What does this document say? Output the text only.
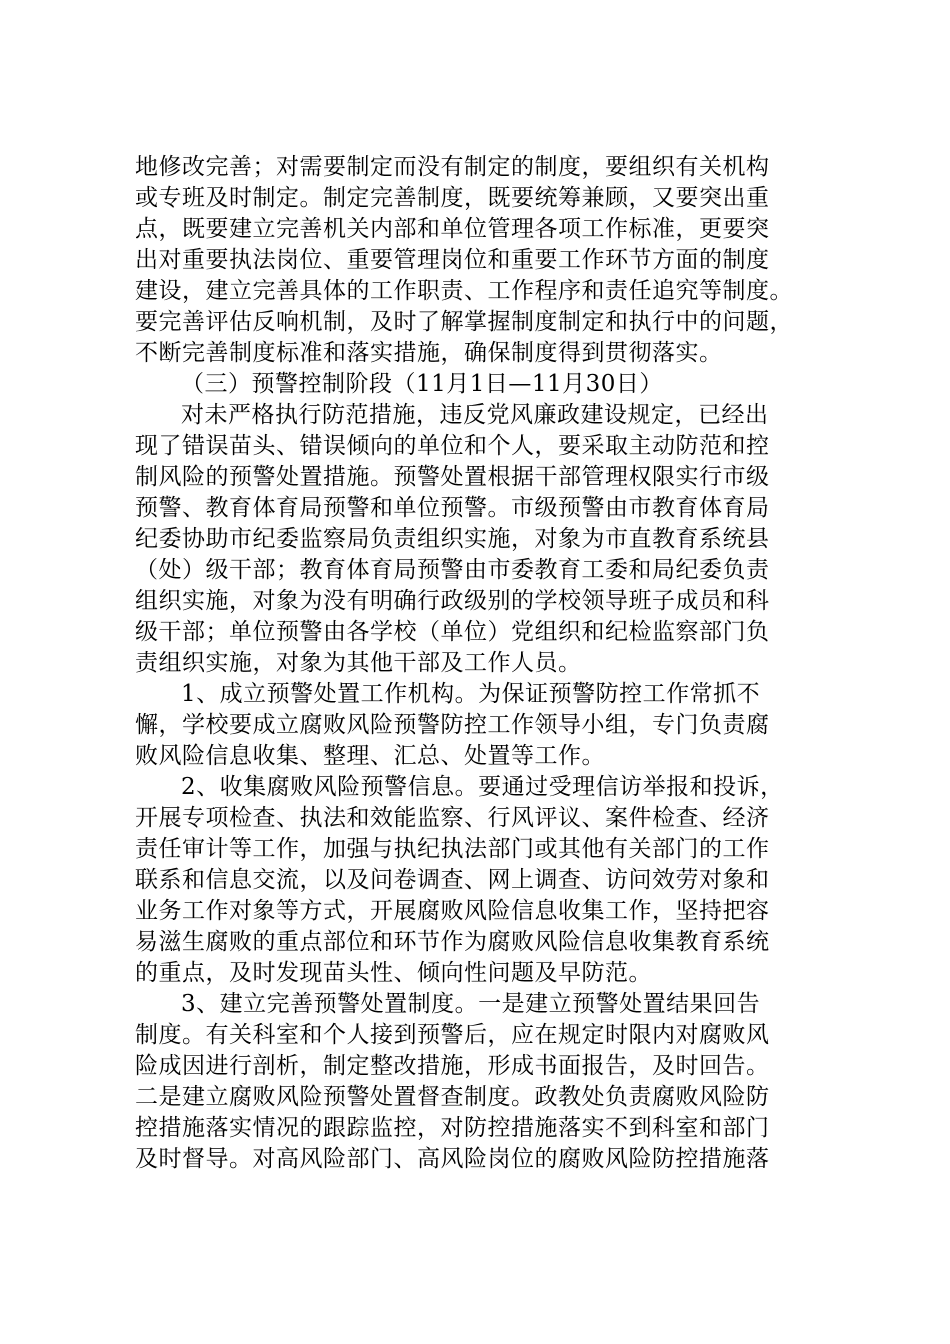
地修改完善；对需要制定而没有制定的制度，要组织有关机构
或专班及时制定。制定完善制度，既要统筹兼顾，又要突出重
点，既要建立完善机关内部和单位管理各项工作标准，更要突
出对重要执法岗位、重要管理岗位和重要工作环节方面的制度
建设，建立完善具体的工作职责、工作程序和责任追究等制度。
要完善评估反响机制，及时了解掌握制度制定和执行中的问题，
不断完善制度标准和落实措施，确保制度得到贯彻落实。
（三）预警控制阶段（11月1日—11月30日）
对未严格执行防范措施，违反党风廉政建设规定，已经出
现了错误苗头、错误倾向的单位和个人，要采取主动防范和控
制风险的预警处置措施。预警处置根据干部管理权限实行市级
预警、教育体育局预警和单位预警。市级预警由市教育体育局
纪委协助市纪委监察局负责组织实施，对象为市直教育系统县
（处）级干部；教育体育局预警由市委教育工委和局纪委负责
组织实施，对象为没有明确行政级别的学校领导班子成员和科
级干部；单位预警由各学校（单位）党组织和纪检监察部门负
责组织实施，对象为其他干部及工作人员。
1、成立预警处置工作机构。为保证预警防控工作常抓不
懈，学校要成立腐败风险预警防控工作领导小组，专门负责腐
败风险信息收集、整理、汇总、处置等工作。
2、收集腐败风险预警信息。要通过受理信访举报和投诉，
开展专项检查、执法和效能监察、行风评议、案件检查、经济
责任审计等工作，加强与执纪执法部门或其他有关部门的工作
联系和信息交流，以及问卷调查、网上调查、访问效劳对象和
业务工作对象等方式，开展腐败风险信息收集工作，坚持把容
易滋生腐败的重点部位和环节作为腐败风险信息收集教育系统
的重点，及时发现苗头性、倾向性问题及早防范。
3、建立完善预警处置制度。一是建立预警处置结果回告
制度。有关科室和个人接到预警后，应在规定时限内对腐败风
险成因进行剖析，制定整改措施，形成书面报告，及时回告。
二是建立腐败风险预警处置督查制度。政教处负责腐败风险防
控措施落实情况的跟踪监控，对防控措施落实不到科室和部门
及时督导。对高风险部门、高风险岗位的腐败风险防控措施落
